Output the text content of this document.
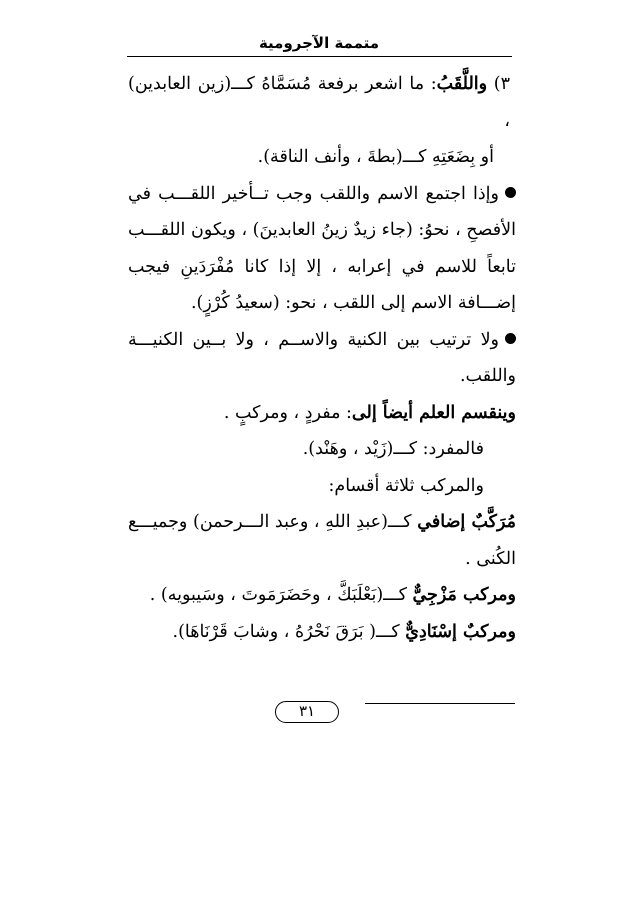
متممة الآجرومية

٣) واللَّقَبُ: ما اشعر برفعة مُسَمَّاهُ كـــ(زين العابدين) ،

أو بِضَعَتِهِ كـــ(بطةَ ، وأنف الناقة).

وإذا اجتمع الاسم واللقب وجب تــأخير اللقـــب في الأفصحِ ، نحوُ: (جاء زيدٌ زينُ العابدينَ) ، ويكون اللقـــب تابعاً للاسم في إعرابه ، إلا إذا كانا مُفْرَدَينِ فيجب إضـــافة الاسم إلى اللقب ، نحو: (سعيدُ كُرْزٍ).

ولا ترتيب بين الكنية والاســم ، ولا بــين الكنيـــة واللقب.

وينقسم العلم أيضاً إلى: مفردٍ ، ومركبٍ .

فالمفرد: كـــ(زَيْد ، وهَنْد).

والمركب ثلاثة أقسام:

مُرَكَّبٌ إضافي كـــ(عبدِ اللهِ ، وعبد الـــرحمن) وجميـــع الكُنى .

ومركب مَزْجِيٌّ كـــ(بَعْلَبَكَّ ، وحَضَرَمَوتَ ، وسَيبويه) .

ومركبٌ إسْنَادِيٌّ كـــ( بَرَقَ نَحْرُهُ ، وشابَ قَرْنَاهَا).

٣١
